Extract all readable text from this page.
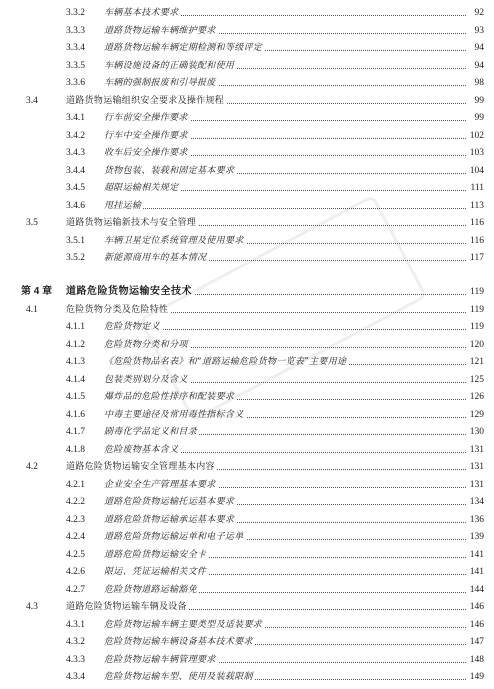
3.3.2 车辆基本技术要求	92
3.3.3 道路货物运输车辆维护要求	93
3.3.4 道路货物运输车辆定期检测和等级评定	94
3.3.5 车辆设施设备的正确装配和使用	94
3.3.6 车辆的强制报废和引导报废	98
3.4	道路货物运输组织安全要求及操作规程	99
3.4.1 行车前安全操作要求	99
3.4.2 行车中安全操作要求	102
3.4.3 收车后安全操作要求	103
3.4.4 货物包装、装载和固定基本要求	104
3.4.5 超限运输相关规定	111
3.4.6 甩挂运输	113
3.5	道路货物运输新技术与安全管理	116
3.5.1 车辆卫星定位系统管理及使用要求	116
3.5.2 新能源商用车的基本情况	117
第 4 章 道路危险货物运输安全技术	119
4.1	危险货物分类及危险特性	119
4.1.1 危险货物定义	119
4.1.2 危险货物分类和分项	120
4.1.3 《危险货物品名表》和“道路运输危险货物一览表”主要用途	121
4.1.4 包装类别划分及含义	125
4.1.5 爆炸品的危险性排序和配装要求	126
4.1.6 中毒主要途径及常用毒性指标含义	129
4.1.7 剧毒化学品定义和目录	130
4.1.8 危险废物基本含义	131
4.2	道路危险货物运输安全管理基本内容	131
4.2.1 企业安全生产管理基本要求	131
4.2.2 道路危险货物运输托运基本要求	134
4.2.3 道路危险货物运输承运基本要求	136
4.2.4 道路危险货物运输运单和电子运单	139
4.2.5 道路危险货物运输安全卡	141
4.2.6 限运、凭证运输相关文件	141
4.2.7 危险货物道路运输豁免	144
4.3	道路危险货物运输车辆及设备	146
4.3.1 危险货物运输车辆主要类型及适装要求	146
4.3.2 危险货物运输车辆设备基本技术要求	147
4.3.3 危险货物运输车辆管理要求	148
4.3.4 危险货物运输车型、使用及装载限制	149
